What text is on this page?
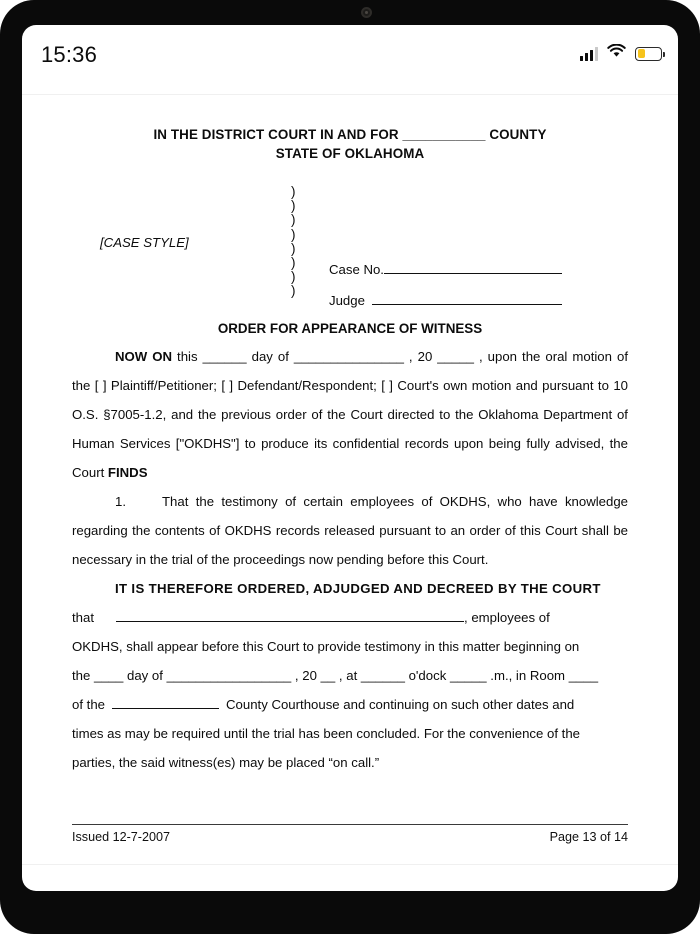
15:36
IN THE DISTRICT COURT IN AND FOR ___________ COUNTY
STATE OF OKLAHOMA
[CASE STYLE]
)
)
)
)
)
)
)
)
Case No.
Judge
ORDER FOR APPEARANCE OF WITNESS
NOW ON this ______ day of _______________ , 20 _____ , upon the oral motion of the [ ] Plaintiff/Petitioner; [ ] Defendant/Respondent; [ ] Court's own motion and pursuant to 10 O.S. §7005-1.2, and the previous order of the Court directed to the Oklahoma Department of Human Services ["OKDHS"] to produce its confidential records upon being fully advised, the Court FINDS
1.	That the testimony of certain employees of OKDHS, who have knowledge regarding the contents of OKDHS records released pursuant to an order of this Court shall be necessary in the trial of the proceedings now pending before this Court.
IT IS THEREFORE ORDERED, ADJUDGED AND DECREED BY THE COURT
that	, employees of
OKDHS, shall appear before this Court to provide testimony in this matter beginning on
the ____ day of _________________ , 20 __ , at ______ o'dock _____ .m., in Room ____
of the	County Courthouse and continuing on such other dates and
times as may be required until the trial has been concluded. For the convenience of the
parties, the said witness(es) may be placed “on call.”
Issued 12-7-2007	Page 13 of 14
